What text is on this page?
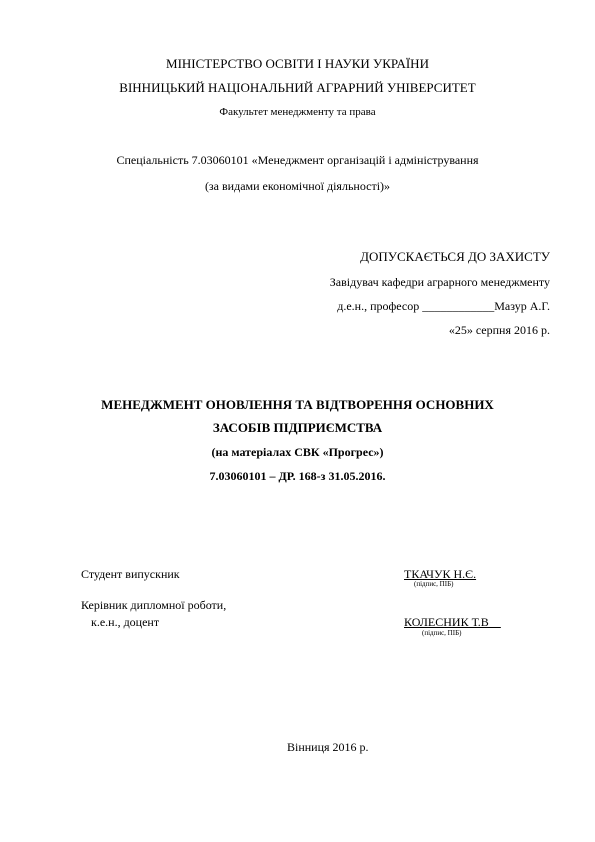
МІНІСТЕРСТВО ОСВІТИ І НАУКИ УКРАЇНИ
ВІННИЦЬКИЙ НАЦІОНАЛЬНИЙ АГРАРНИЙ УНІВЕРСИТЕТ
Факультет менеджменту та права
Спеціальність 7.03060101 «Менеджмент організацій і адміністрування
(за видами економічної діяльності)»
ДОПУСКАЄТЬСЯ ДО ЗАХИСТУ
Завідувач кафедри аграрного менеджменту
д.е.н., професор ____________Мазур А.Г.
«25» серпня 2016 р.
МЕНЕДЖМЕНТ ОНОВЛЕННЯ ТА ВІДТВОРЕННЯ ОСНОВНИХ
ЗАСОБІВ ПІДПРИЄМСТВА
(на матеріалах СВК «Прогрес»)
7.03060101 – ДР. 168-з 31.05.2016.
Студент випускник	ТКАЧУК Н.Є.
(підпис, ПІБ)
Керівник дипломної роботи,
к.е.н., доцент	КОЛЕСНИК Т.В__
(підпис, ПІБ)
Вінниця 2016 р.
